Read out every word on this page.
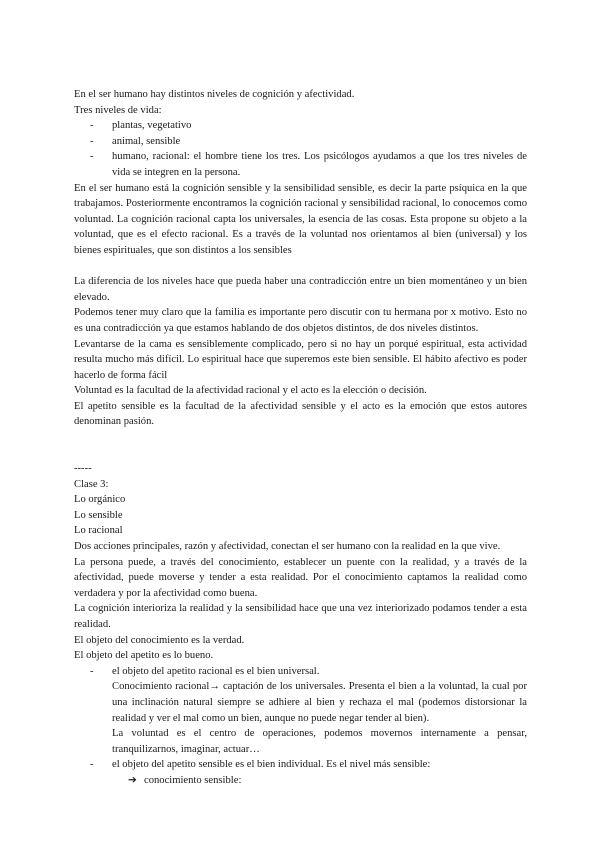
En el ser humano hay distintos niveles de cognición y afectividad.

Tres niveles de vida:

- plantas, vegetativo
- animal, sensible
- humano, racional: el hombre tiene los tres. Los psicólogos ayudamos a que los tres niveles de vida se integren en la persona.

En el ser humano está la cognición sensible y la sensibilidad sensible, es decir la parte psíquica en la que trabajamos. Posteriormente encontramos la cognición racional y sensibilidad racional, lo conocemos como voluntad. La cognición racional capta los universales, la esencia de las cosas. Esta propone su objeto a la voluntad, que es el efecto racional. Es a través de la voluntad nos orientamos al bien (universal) y los bienes espirituales, que son distintos a los sensibles

La diferencia de los niveles hace que pueda haber una contradicción entre un bien momentáneo y un bien elevado.

Podemos tener muy claro que la familia es importante pero discutir con tu hermana por x motivo. Esto no es una contradicción ya que estamos hablando de dos objetos distintos, de dos niveles distintos.

Levantarse de la cama es sensiblemente complicado, pero si no hay un porqué espiritual, esta actividad resulta mucho más difícil. Lo espiritual hace que superemos este bien sensible. El hábito afectivo es poder hacerlo de forma fácil

Voluntad es la facultad de la afectividad racional y el acto es la elección o decisión.

El apetito sensible es la facultad de la afectividad sensible y el acto es la emoción que estos autores denominan pasión.

-----

Clase 3:

Lo orgánico

Lo sensible

Lo racional

Dos acciones principales, razón y afectividad, conectan el ser humano con la realidad en la que vive.

La persona puede, a través del conocimiento, establecer un puente con la realidad, y a través de la afectividad, puede moverse y tender a esta realidad. Por el conocimiento captamos la realidad como verdadera y por la afectividad como buena.

La cognición interioriza la realidad y la sensibilidad hace que una vez interiorizado podamos tender a esta realidad.

El objeto del conocimiento es la verdad.

El objeto del apetito es lo bueno.

- el objeto del apetito racional es el bien universal.

Conocimiento racional→ captación de los universales. Presenta el bien a la voluntad, la cual por una inclinación natural siempre se adhiere al bien y rechaza el mal (podemos distorsionar la realidad y ver el mal como un bien, aunque no puede negar tender al bien).

La voluntad es el centro de operaciones, podemos movernos internamente a pensar, tranquilizarnos, imaginar, actuar…

- el objeto del apetito sensible es el bien individual. Es el nivel más sensible:
➔ conocimiento sensible:
